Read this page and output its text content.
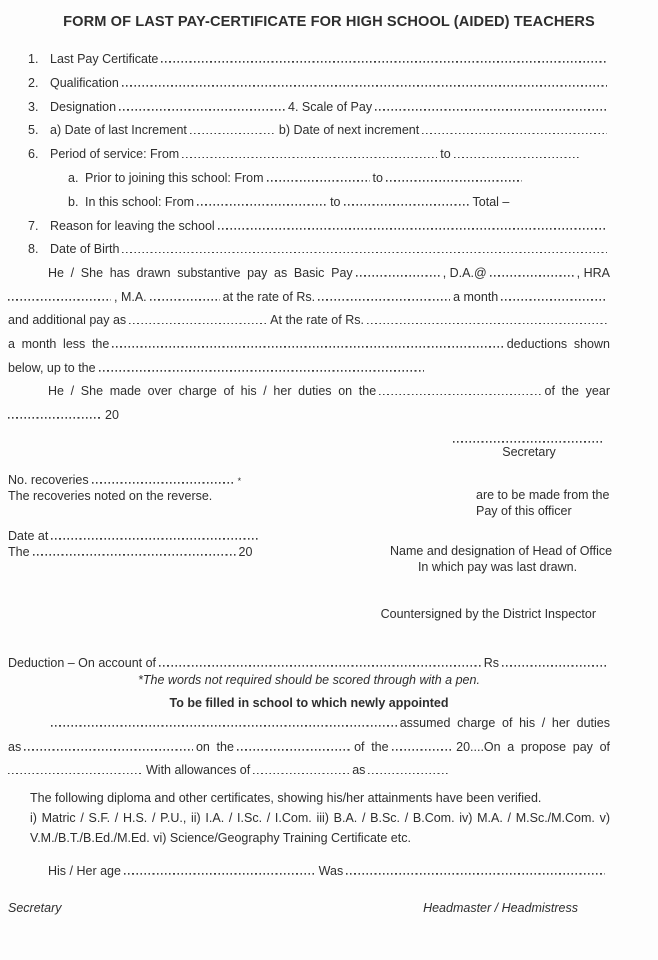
FORM OF LAST PAY-CERTIFICATE FOR HIGH SCHOOL (AIDED) TEACHERS
1. Last Pay Certificate
2. Qualification
3. Designation	4. Scale of Pay
5. a) Date of last Increment	b) Date of next increment
6. Period of service: From	to
a. Prior to joining this school: From	to
b. In this school: From	to	Total –
7. Reason for leaving the school
8. Date of Birth
He / She has drawn substantive pay as Basic Pay	, D.A.@	, HRA
, M.A.	at the rate of Rs.	a month
and additional pay as	At the rate of Rs.
a month less the	deductions shown
below, up to the
He / She made over charge of his / her duties on the	of the year
20
Secretary
No. recoveries	*
The recoveries noted on the reverse.	are to be made from the
Pay of this officer
Date at
The	20	Name and designation of Head of Office
In which pay was last drawn.
Countersigned by the District Inspector
Deduction – On account of	Rs
*The words not required should be scored through with a pen.
To be filled in school to which newly appointed
assumed charge of his / her duties
as	on the	of the	20.... On a propose pay of
With allowances of	as
The following diploma and other certificates, showing his/her attainments have been verified.
i) Matric / S.F. / H.S. / P.U., ii) I.A. / I.Sc. / I.Com. iii) B.A. / B.Sc. / B.Com. iv) M.A. / M.Sc./M.Com. v) V.M./B.T./B.Ed./M.Ed. vi) Science/Geography Training Certificate etc.
His / Her age	Was
Secretary	Headmaster / Headmistress
